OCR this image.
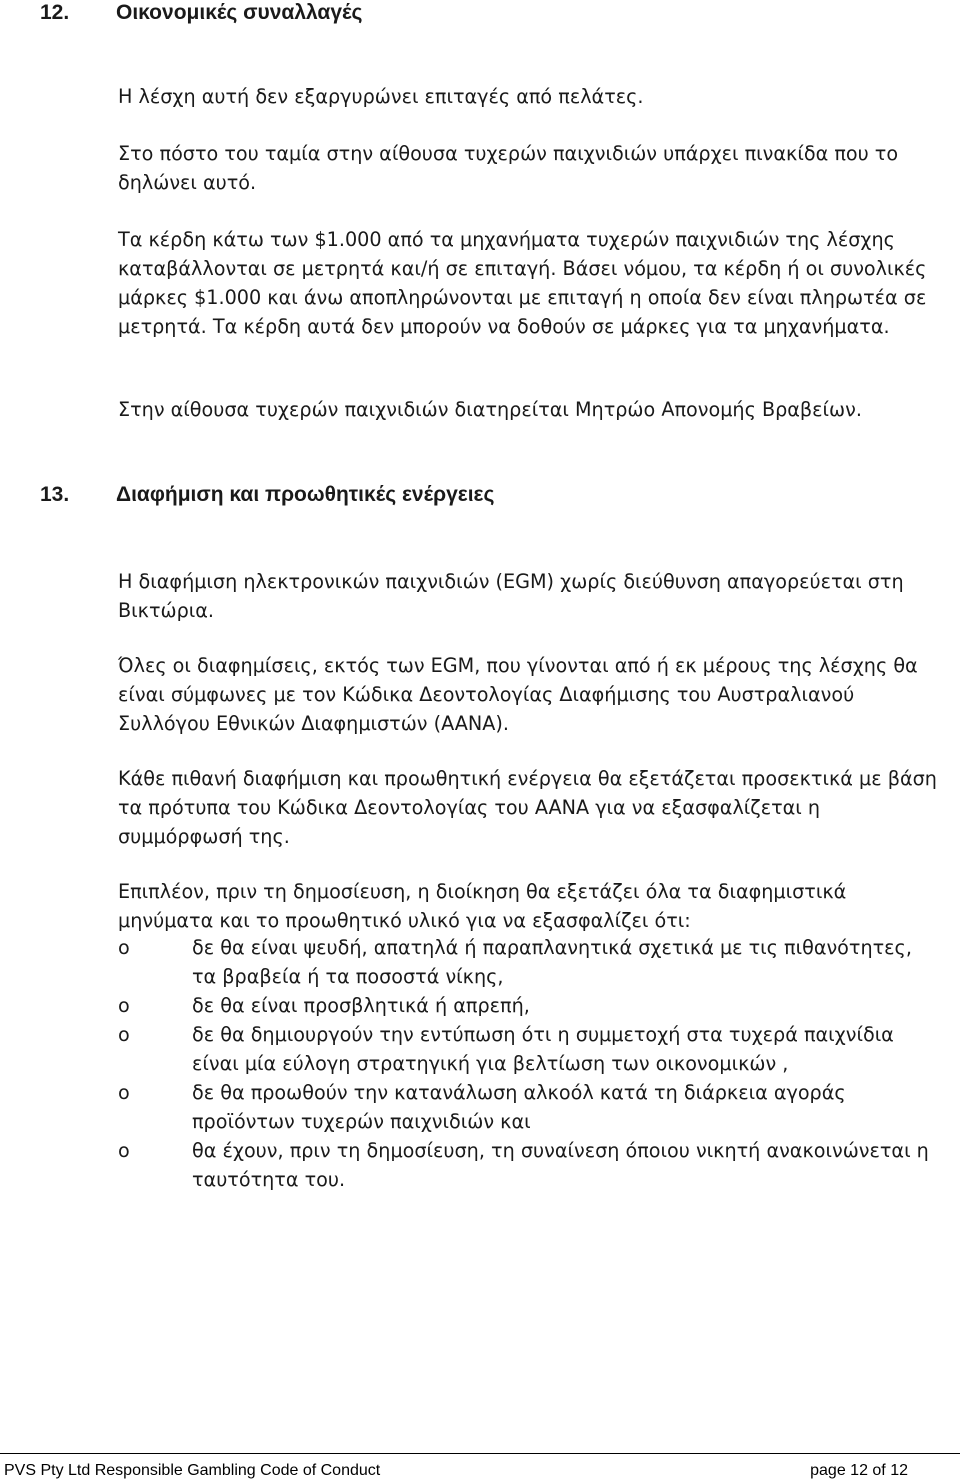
12. Οικονομικές συναλλαγές

Η λέσχη αυτή δεν εξαργυρώνει επιταγές από πελάτες.

Στο πόστο του ταμία στην αίθουσα τυχερών παιχνιδιών υπάρχει πινακίδα που το δηλώνει αυτό.

Τα κέρδη κάτω των $1.000 από τα μηχανήματα τυχερών παιχνιδιών της λέσχης καταβάλλονται σε μετρητά και/ή σε επιταγή. Βάσει νόμου, τα κέρδη ή οι συνολικές μάρκες $1.000 και άνω αποπληρώνονται με επιταγή η οποία δεν είναι πληρωτέα σε μετρητά. Τα κέρδη αυτά δεν μπορούν να δοθούν σε μάρκες για τα μηχανήματα.

Στην αίθουσα τυχερών παιχνιδιών διατηρείται Μητρώο Απονομής Βραβείων.

13. Διαφήμιση και προωθητικές ενέργειες

Η διαφήμιση ηλεκτρονικών παιχνιδιών (EGM) χωρίς διεύθυνση απαγορεύεται στη Βικτώρια.

Όλες οι διαφημίσεις, εκτός των EGM, που γίνονται από ή εκ μέρους της λέσχης θα είναι σύμφωνες με τον Κώδικα Δεοντολογίας Διαφήμισης του Αυστραλιανού Συλλόγου Εθνικών Διαφημιστών (AANA).

Κάθε πιθανή διαφήμιση και προωθητική ενέργεια θα εξετάζεται προσεκτικά με βάση τα πρότυπα του Κώδικα Δεοντολογίας του AANA για να εξασφαλίζεται η συμμόρφωσή της.

Επιπλέον, πριν τη δημοσίευση, η διοίκηση θα εξετάζει όλα τα διαφημιστικά μηνύματα και το προωθητικό υλικό για να εξασφαλίζει ότι:

o	δε θα είναι ψευδή, απατηλά ή παραπλανητικά σχετικά με τις πιθανότητες, τα βραβεία ή τα ποσοστά νίκης,
o	δε θα είναι προσβλητικά ή απρεπή,
o	δε θα δημιουργούν την εντύπωση ότι η συμμετοχή στα τυχερά παιχνίδια είναι μία εύλογη στρατηγική για βελτίωση των οικονομικών ,
o	δε θα προωθούν την κατανάλωση αλκοόλ κατά τη διάρκεια αγοράς προϊόντων τυχερών παιχνιδιών και
o	θα έχουν, πριν τη δημοσίευση, τη συναίνεση όποιου νικητή ανακοινώνεται η ταυτότητα του.
PVS Pty Ltd Responsible Gambling Code of Conduct	page 12 of 12
